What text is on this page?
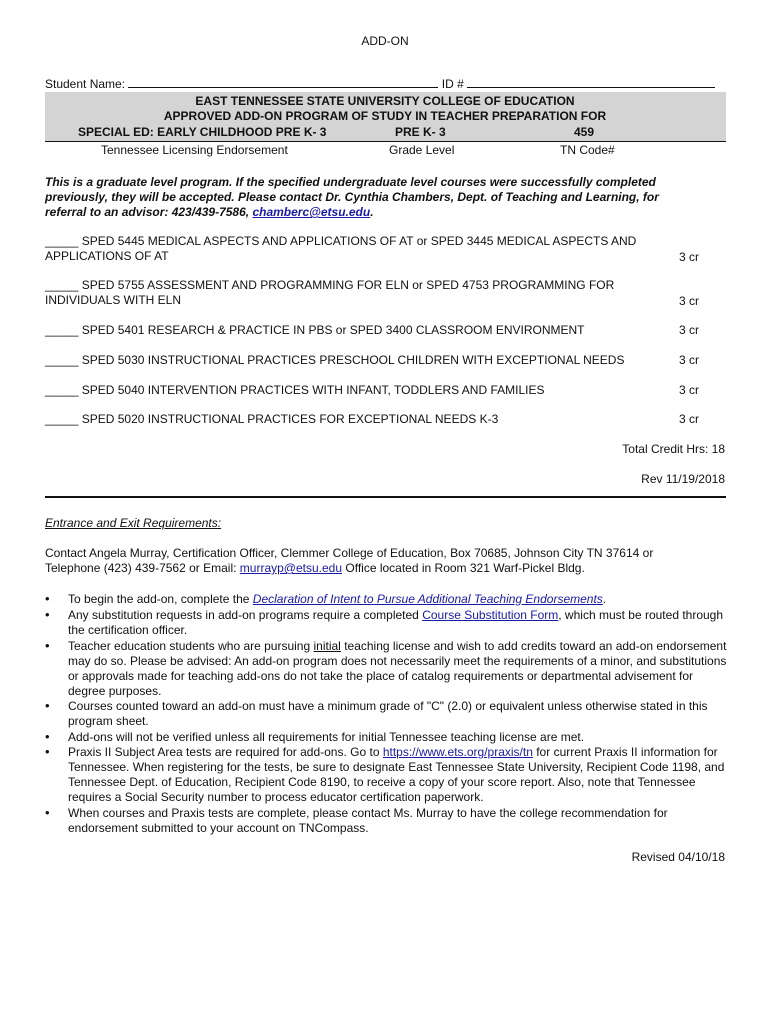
ADD-ON
Student Name:	ID #
EAST TENNESSEE STATE UNIVERSITY COLLEGE OF EDUCATION
APPROVED ADD-ON PROGRAM OF STUDY IN TEACHER PREPARATION FOR
SPECIAL ED: EARLY CHILDHOOD PRE K- 3	PRE K- 3	459
Tennessee Licensing Endorsement	Grade Level	TN Code#
This is a graduate level program. If the specified undergraduate level courses were successfully completed
previously, they will be accepted. Please contact Dr. Cynthia Chambers, Dept. of Teaching and Learning, for
referral to an advisor: 423/439-7586, chamberc@etsu.edu.
_____ SPED 5445 MEDICAL ASPECTS AND APPLICATIONS OF AT or SPED 3445 MEDICAL ASPECTS AND
APPLICATIONS OF AT	3 cr
_____ SPED 5755 ASSESSMENT AND PROGRAMMING FOR ELN or SPED 4753 PROGRAMMING FOR
INDIVIDUALS WITH ELN	3 cr
_____ SPED 5401 RESEARCH & PRACTICE IN PBS or SPED 3400 CLASSROOM ENVIRONMENT	3 cr
_____ SPED 5030 INSTRUCTIONAL PRACTICES PRESCHOOL CHILDREN WITH EXCEPTIONAL NEEDS	3 cr
_____ SPED 5040 INTERVENTION PRACTICES WITH INFANT, TODDLERS AND FAMILIES	3 cr
_____ SPED 5020 INSTRUCTIONAL PRACTICES FOR EXCEPTIONAL NEEDS K-3	3 cr
Total Credit Hrs: 18
Rev 11/19/2018
Entrance and Exit Requirements:
Contact Angela Murray, Certification Officer, Clemmer College of Education, Box 70685, Johnson City TN 37614 or
Telephone (423) 439-7562 or Email: murrayp@etsu.edu Office located in Room 321 Warf-Pickel Bldg.
• To begin the add-on, complete the Declaration of Intent to Pursue Additional Teaching Endorsements.
• Any substitution requests in add-on programs require a completed Course Substitution Form, which must be routed through the certification officer.
• Teacher education students who are pursuing initial teaching license and wish to add credits toward an add-on endorsement may do so. Please be advised: An add-on program does not necessarily meet the requirements of a minor, and substitutions or approvals made for teaching add-ons do not take the place of catalog requirements or departmental advisement for degree purposes.
• Courses counted toward an add-on must have a minimum grade of "C" (2.0) or equivalent unless otherwise stated in this program sheet.
• Add-ons will not be verified unless all requirements for initial Tennessee teaching license are met.
• Praxis II Subject Area tests are required for add-ons. Go to https://www.ets.org/praxis/tn for current Praxis II information for Tennessee. When registering for the tests, be sure to designate East Tennessee State University, Recipient Code 1198, and Tennessee Dept. of Education, Recipient Code 8190, to receive a copy of your score report. Also, note that Tennessee requires a Social Security number to process educator certification paperwork.
• When courses and Praxis tests are complete, please contact Ms. Murray to have the college recommendation for endorsement submitted to your account on TNCompass.
Revised 04/10/18
